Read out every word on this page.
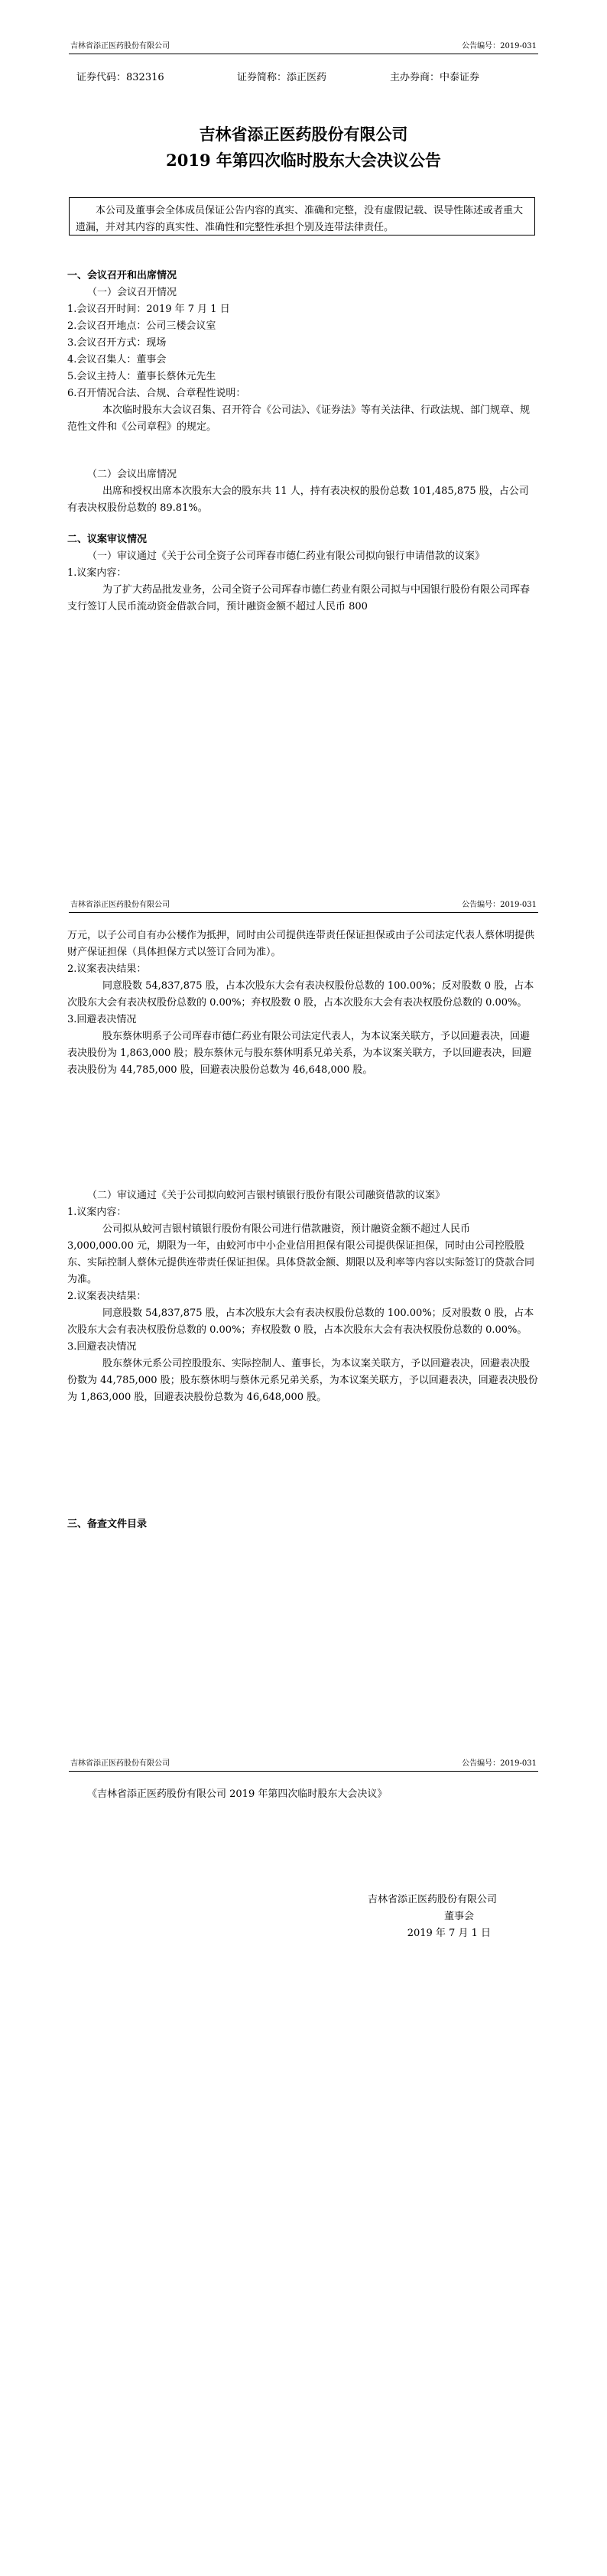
吉林省添正医药股份有限公司	公告编号：2019-031
证券代码：832316	证券简称：添正医药	主办券商：中泰证券
吉林省添正医药股份有限公司
2019 年第四次临时股东大会决议公告

本公司及董事会全体成员保证公告内容的真实、准确和完整，没有虚假记载、误导性陈述或者重大遗漏，并对其内容的真实性、准确性和完整性承担个别及连带法律责任。

一、会议召开和出席情况

（一）会议召开情况

1.会议召开时间：2019 年 7 月 1 日

2.会议召开地点：公司三楼会议室

3.会议召开方式：现场

4.会议召集人：董事会

5.会议主持人：董事长蔡休元先生

6.召开情况合法、合规、合章程性说明：

本次临时股东大会议召集、召开符合《公司法》、《证券法》等有关法律、行政法规、部门规章、规范性文件和《公司章程》的规定。

（二）会议出席情况

出席和授权出席本次股东大会的股东共 11 人，持有表决权的股份总数 101,485,875 股，占公司有表决权股份总数的 89.81%。

二、议案审议情况

（一）审议通过《关于公司全资子公司珲春市德仁药业有限公司拟向银行申请借款的议案》

1.议案内容：

为了扩大药品批发业务，公司全资子公司珲春市德仁药业有限公司拟与中国银行股份有限公司珲春支行签订人民币流动资金借款合同，预计融资金额不超过人民币 800

吉林省添正医药股份有限公司	公告编号：2019-031

万元，以子公司自有办公楼作为抵押，同时由公司提供连带责任保证担保或由子公司法定代表人蔡休明提供财产保证担保（具体担保方式以签订合同为准）。

2.议案表决结果：

同意股数 54,837,875 股，占本次股东大会有表决权股份总数的 100.00%；反对股数 0 股，占本次股东大会有表决权股份总数的 0.00%；弃权股数 0 股，占本次股东大会有表决权股份总数的 0.00%。

3.回避表决情况

股东蔡休明系子公司珲春市德仁药业有限公司法定代表人，为本议案关联方，予以回避表决，回避表决股份为 1,863,000 股；股东蔡休元与股东蔡休明系兄弟关系，为本议案关联方，予以回避表决，回避表决股份为 44,785,000 股，回避表决股份总数为 46,648,000 股。

（二）审议通过《关于公司拟向蛟河吉银村镇银行股份有限公司融资借款的议案》

1.议案内容：

公司拟从蛟河吉银村镇银行股份有限公司进行借款融资，预计融资金额不超过人民币 3,000,000.00 元，期限为一年，由蛟河市中小企业信用担保有限公司提供保证担保，同时由公司控股股东、实际控制人蔡休元提供连带责任保证担保。具体贷款金额、期限以及利率等内容以实际签订的贷款合同为准。

2.议案表决结果：

同意股数 54,837,875 股，占本次股东大会有表决权股份总数的 100.00%；反对股数 0 股，占本次股东大会有表决权股份总数的 0.00%；弃权股数 0 股，占本次股东大会有表决权股份总数的 0.00%。

3.回避表决情况

股东蔡休元系公司控股股东、实际控制人、董事长，为本议案关联方，予以回避表决，回避表决股份数为 44,785,000 股；股东蔡休明与蔡休元系兄弟关系，为本议案关联方，予以回避表决，回避表决股份为 1,863,000 股，回避表决股份总数为 46,648,000 股。

三、备查文件目录

吉林省添正医药股份有限公司	公告编号：2019-031

《吉林省添正医药股份有限公司 2019 年第四次临时股东大会决议》

吉林省添正医药股份有限公司

董事会

2019 年 7 月 1 日
